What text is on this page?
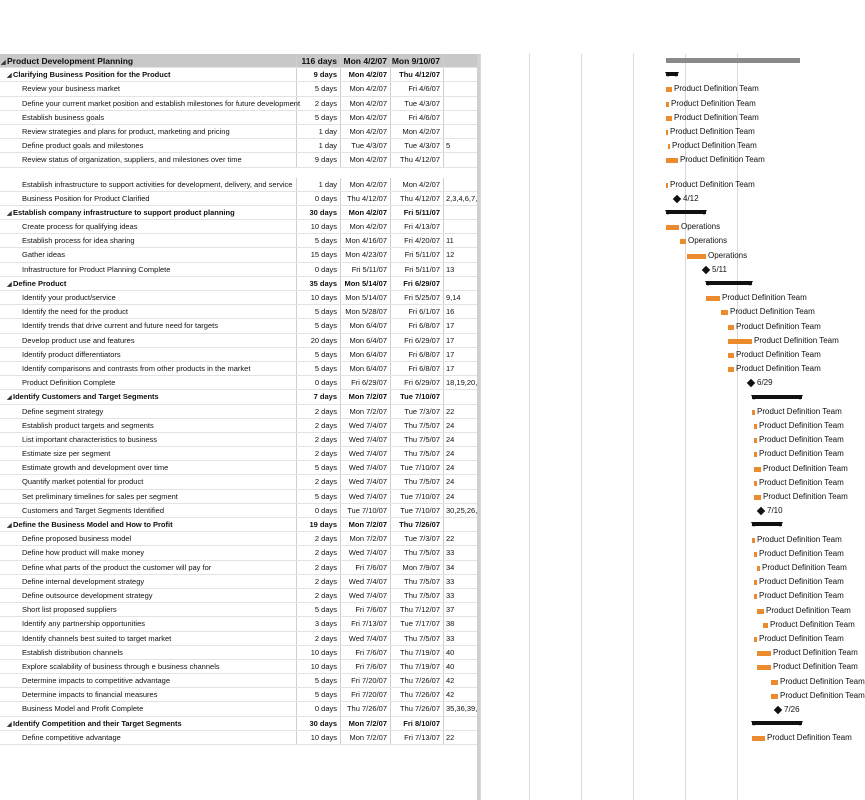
◢Product Development Planning	116 days Mon 4/2/07 Mon 9/10/07
◢Clarifying Business Position for the Product	9 days	Mon 4/2/07	Thu 4/12/07
Review your business market	5 days	Mon 4/2/07	Fri 4/6/07
Define your current market position and establish milestones for future development	2 days	Mon 4/2/07	Tue 4/3/07
Establish business goals	5 days	Mon 4/2/07	Fri 4/6/07
Review strategies and plans for product, marketing and pricing	1 day	Mon 4/2/07	Mon 4/2/07
Define product goals and milestones	1 day	Tue 4/3/07	Tue 4/3/07 5
Review status of organization, suppliers, and milestones over time	9 days	Mon 4/2/07	Thu 4/12/07
Establish infrastructure to support activities for development, delivery, and service	1 day	Mon 4/2/07	Mon 4/2/07
Business Position for Product Clarified	0 days	Thu 4/12/07	Thu 4/12/07 2,3,4,6,7,
◢Establish company infrastructure to support product planning	30 days	Mon 4/2/07	Fri 5/11/07
Create process for qualifying ideas	10 days	Mon 4/2/07	Fri 4/13/07
Establish process for idea sharing	5 days	Mon 4/16/07	Fri 4/20/07 11
Gather ideas	15 days	Mon 4/23/07	Fri 5/11/07 12
Infrastructure for Product Planning Complete	0 days	Fri 5/11/07	Fri 5/11/07 13
◢Define Product	35 days Mon 5/14/07	Fri 6/29/07
Identify your product/service	10 days	Mon 5/14/07	Fri 5/25/07 9,14
Identify the need for the product	5 days	Mon 5/28/07	Fri 6/1/07 16
Identify trends that drive current and future need for targets	5 days	Mon 6/4/07	Fri 6/8/07 17
Develop product use and features	20 days	Mon 6/4/07	Fri 6/29/07 17
Identify product differentiators	5 days	Mon 6/4/07	Fri 6/8/07 17
Identify comparisons and contrasts from other products in the market	5 days	Mon 6/4/07	Fri 6/8/07 17
Product Definition Complete	0 days	Fri 6/29/07	Fri 6/29/07 18,19,20,
◢Identify Customers and Target Segments	7 days	Mon 7/2/07	Tue 7/10/07
Define segment strategy	2 days	Mon 7/2/07	Tue 7/3/07 22
Establish product targets and segments	2 days	Wed 7/4/07	Thu 7/5/07 24
List important characteristics to business	2 days	Wed 7/4/07	Thu 7/5/07 24
Estimate size per segment	2 days	Wed 7/4/07	Thu 7/5/07 24
Estimate growth and development over time	5 days	Wed 7/4/07	Tue 7/10/07 24
Quantify market potential for product	2 days	Wed 7/4/07	Thu 7/5/07 24
Set preliminary timelines for sales per segment	5 days	Wed 7/4/07	Tue 7/10/07 24
Customers and Target Segments Identified	0 days	Tue 7/10/07	Tue 7/10/07 30,25,26,
◢Define the Business Model and How to Profit	19 days	Mon 7/2/07	Thu 7/26/07
Define proposed business model	2 days	Mon 7/2/07	Tue 7/3/07 22
Define how product will make money	2 days	Wed 7/4/07	Thu 7/5/07 33
Define what parts of the product the customer will pay for	2 days	Fri 7/6/07	Mon 7/9/07 34
Define internal development strategy	2 days	Wed 7/4/07	Thu 7/5/07 33
Define outsource development strategy	2 days	Wed 7/4/07	Thu 7/5/07 33
Short list proposed suppliers	5 days	Fri 7/6/07	Thu 7/12/07 37
Identify any partnership opportunities	3 days	Fri 7/13/07	Tue 7/17/07 38
Identify channels best suited to target market	2 days	Wed 7/4/07	Thu 7/5/07 33
Establish distribution channels	10 days	Fri 7/6/07	Thu 7/19/07 40
Explore scalability of business through e business channels	10 days	Fri 7/6/07	Thu 7/19/07 40
Determine impacts to competitive advantage	5 days	Fri 7/20/07	Thu 7/26/07 42
Determine impacts to financial measures	5 days	Fri 7/20/07	Thu 7/26/07 42
Business Model and Profit Complete	0 days	Thu 7/26/07	Thu 7/26/07 35,36,39,
◢Identify Competition and their Target Segments	30 days	Mon 7/2/07	Fri 8/10/07
Define competitive advantage	10 days	Mon 7/2/07	Fri 7/13/07 22
Product Definition Team
Product Definition Team
Product Definition Team
Product Definition Team
Product Definition Team
Product Definition Team
Product Definition Team
4/12
Operations
Operations
Operations
5/11
Product Definition Team
Product Definition Team
Product Definition Team
Product Definition Team
Product Definition Team
Product Definition Team
6/29
Product Definition Team
Product Definition Team
Product Definition Team
Product Definition Team
Product Definition Team
Product Definition Team
Product Definition Team
7/10
Product Definition Team
Product Definition Team
Product Definition Team
Product Definition Team
Product Definition Team
Product Definition Team
Product Definition Team
Product Definition Team
Product Definition Team
Product Definition Team
Product Definition Team
Product Definition Team
7/26
Product Definition Team
